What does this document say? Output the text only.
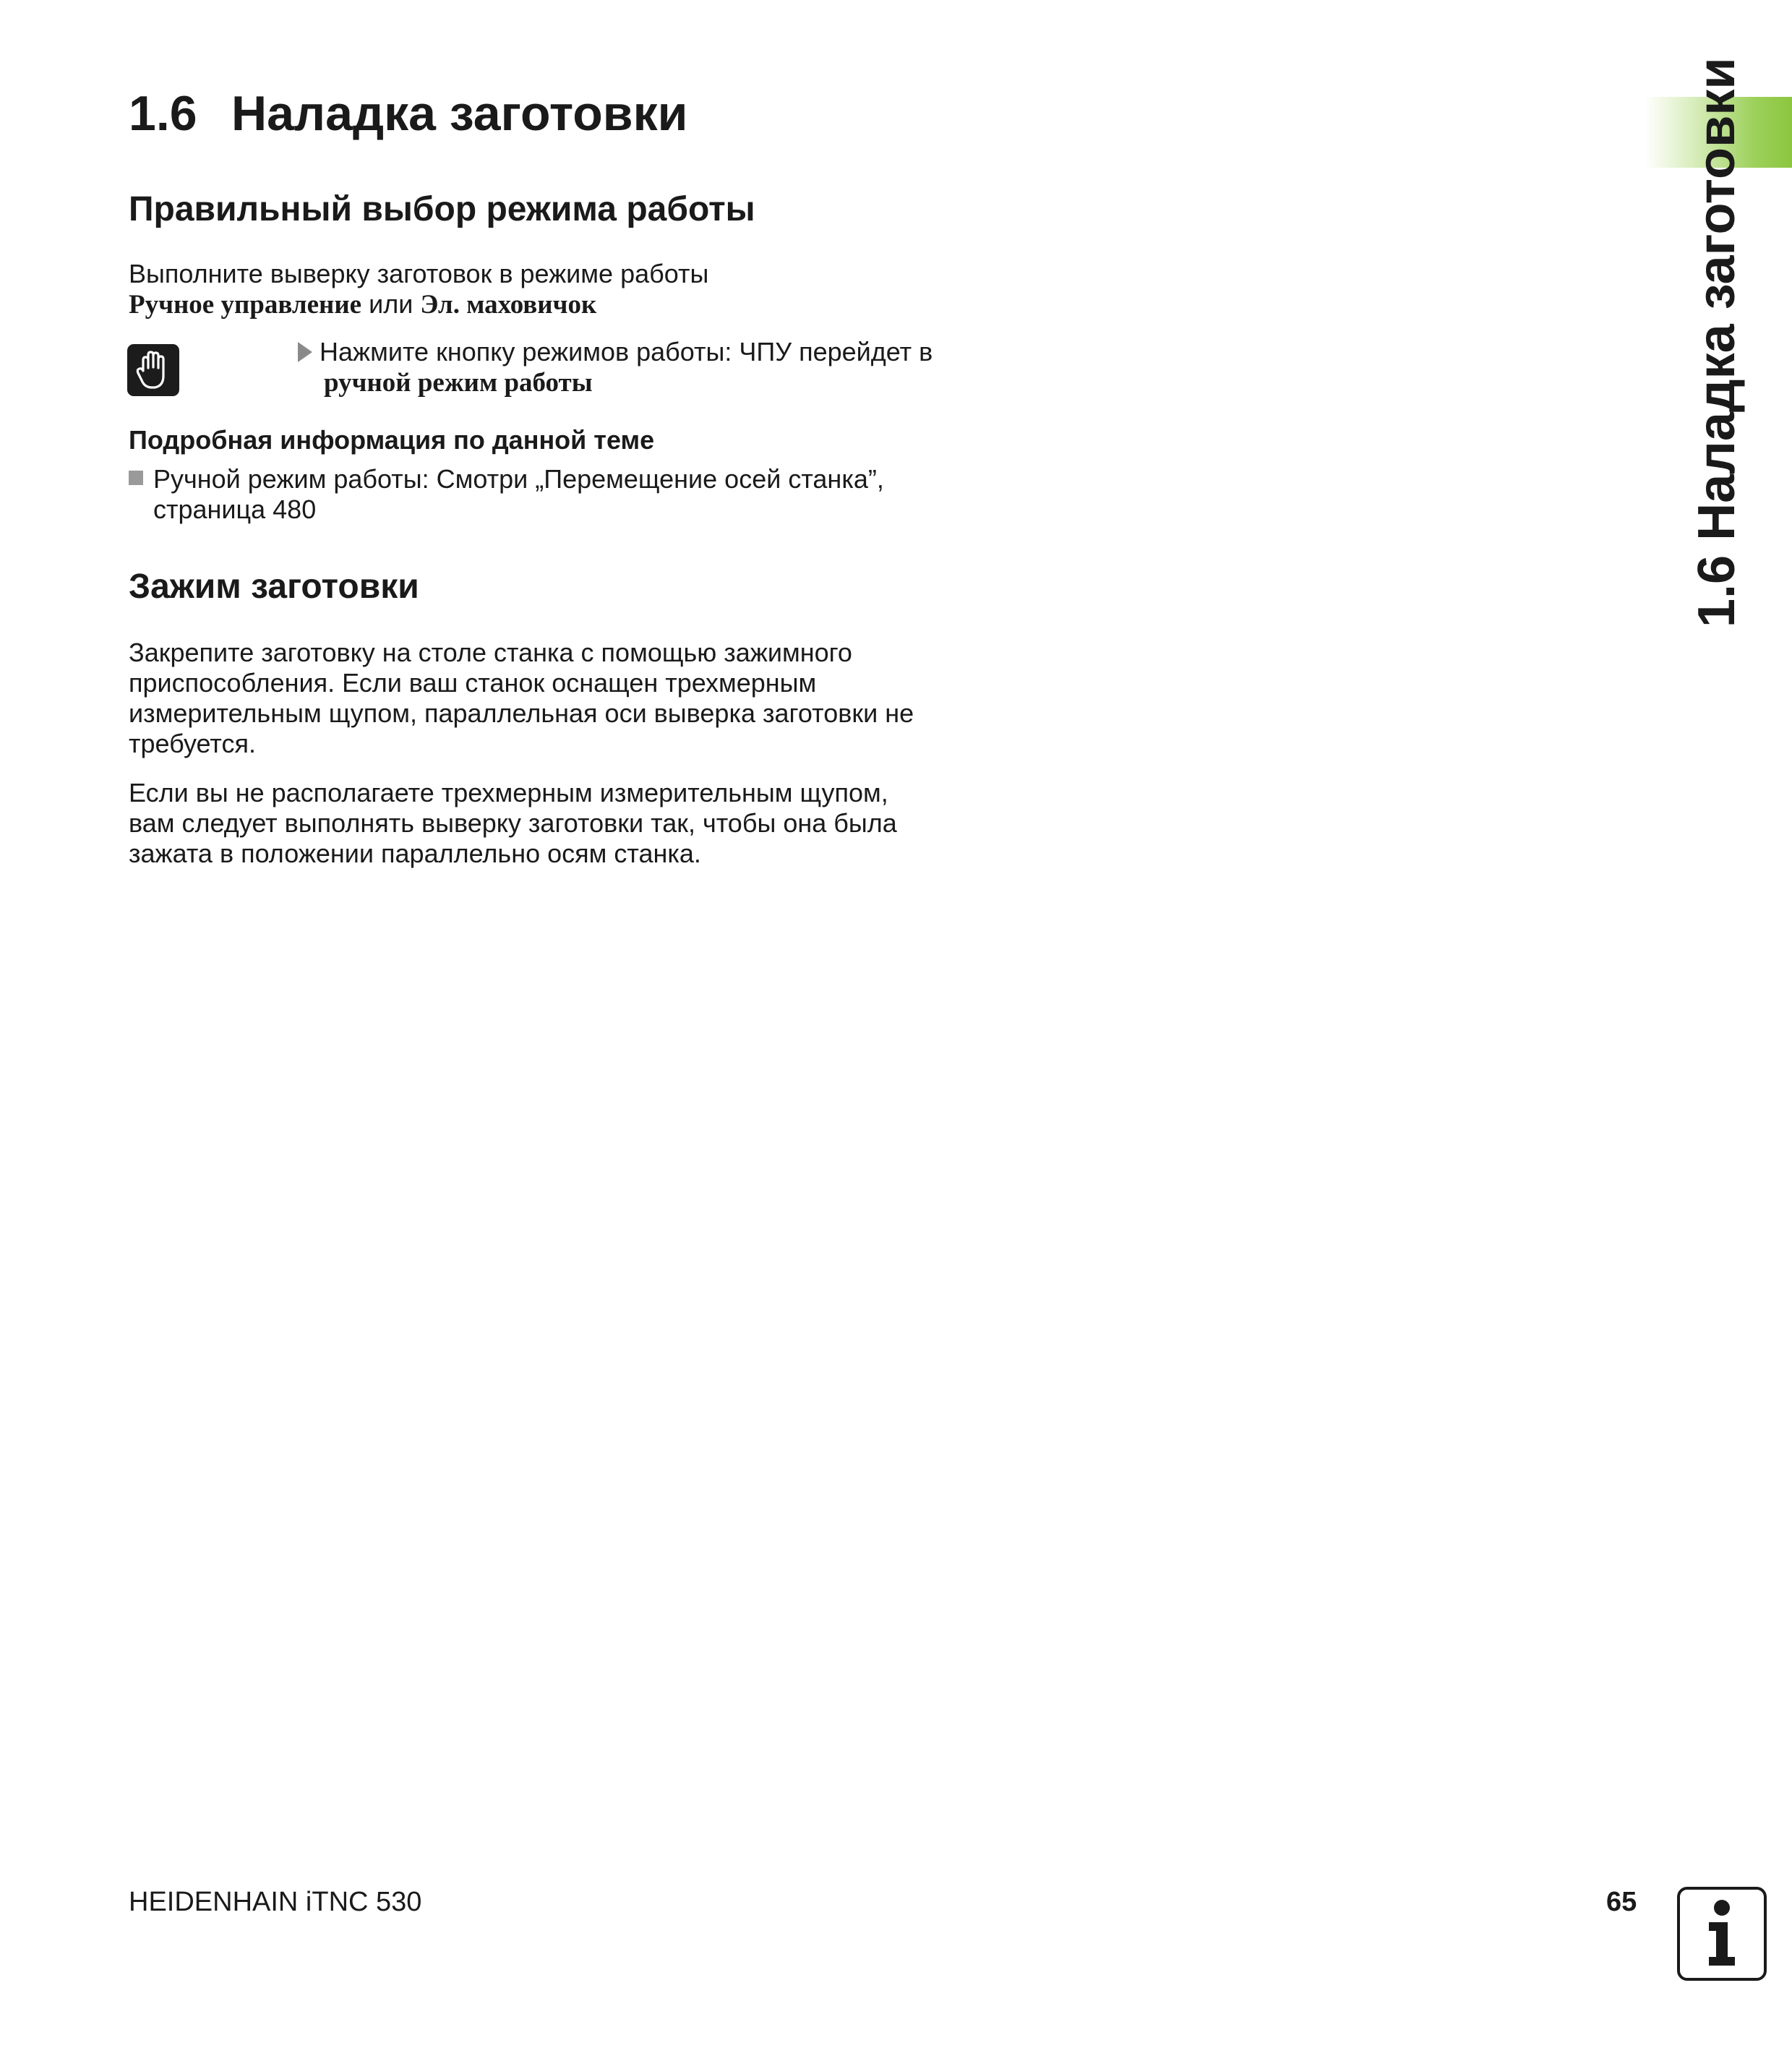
1.6 Наладка заготовки
Правильный выбор режима работы
Выполните выверку заготовок в режиме работы
Ручное управление или Эл. маховичок
Нажмите кнопку режимов работы: ЧПУ перейдет в
ручной режим работы
Подробная информация по данной теме
Ручной режим работы: Смотри „Перемещение осей станка”,
страница 480
Зажим заготовки
Закрепите заготовку на столе станка с помощью зажимного
приспособления. Если ваш станок оснащен трехмерным
измерительным щупом, параллельная оси выверка заготовки не
требуется.
Если вы не располагаете трехмерным измерительным щупом,
вам следует выполнять выверку заготовки так, чтобы она была
зажата в положении параллельно осям станка.
1.6 Наладка заготовки
HEIDENHAIN iTNC 530	65
